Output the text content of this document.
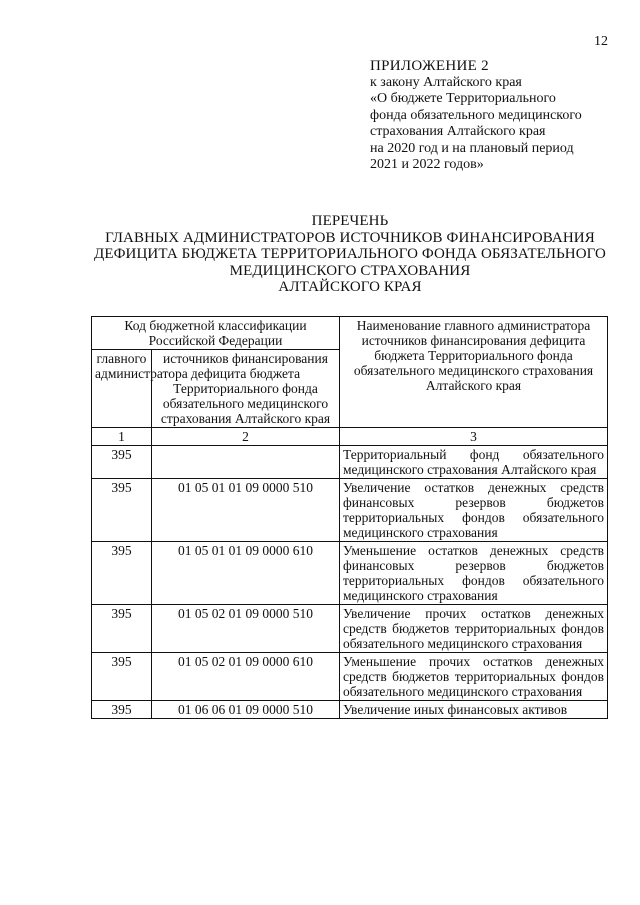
12
ПРИЛОЖЕНИЕ 2
к закону Алтайского края
«О бюджете Территориального
фонда обязательного медицинского
страхования Алтайского края
на 2020 год и на плановый период
2021 и 2022 годов»
ПЕРЕЧЕНЬ
ГЛАВНЫХ АДМИНИСТРАТОРОВ ИСТОЧНИКОВ ФИНАНСИРОВАНИЯ
ДЕФИЦИТА БЮДЖЕТА ТЕРРИТОРИАЛЬНОГО ФОНДА ОБЯЗАТЕЛЬНОГО
МЕДИЦИНСКОГО СТРАХОВАНИЯ
АЛТАЙСКОГО КРАЯ
Код бюджетной классификации Российской Федерации		Наименование главного администратора источников финансирования дефицита бюджета Территориального фонда обязательного медицинского страхования Алтайского края
главного администратора	источников финансирования дефицита бюджета Территориального фонда обязательного медицинского страхования Алтайского края	
1	2	3
395		Территориальный фонд обязательного медицинского страхования Алтайского края
395	01 05 01 01 09 0000 510	Увеличение остатков денежных средств финансовых резервов бюджетов территориальных фондов обязательного медицинского страхования
395	01 05 01 01 09 0000 610	Уменьшение остатков денежных средств финансовых резервов бюджетов территориальных фондов обязательного медицинского страхования
395	01 05 02 01 09 0000 510	Увеличение прочих остатков денежных средств бюджетов территориальных фондов обязательного медицинского страхования
395	01 05 02 01 09 0000 610	Уменьшение прочих остатков денежных средств бюджетов территориальных фондов обязательного медицинского страхования
395	01 06 06 01 09 0000 510	Увеличение иных финансовых активов
